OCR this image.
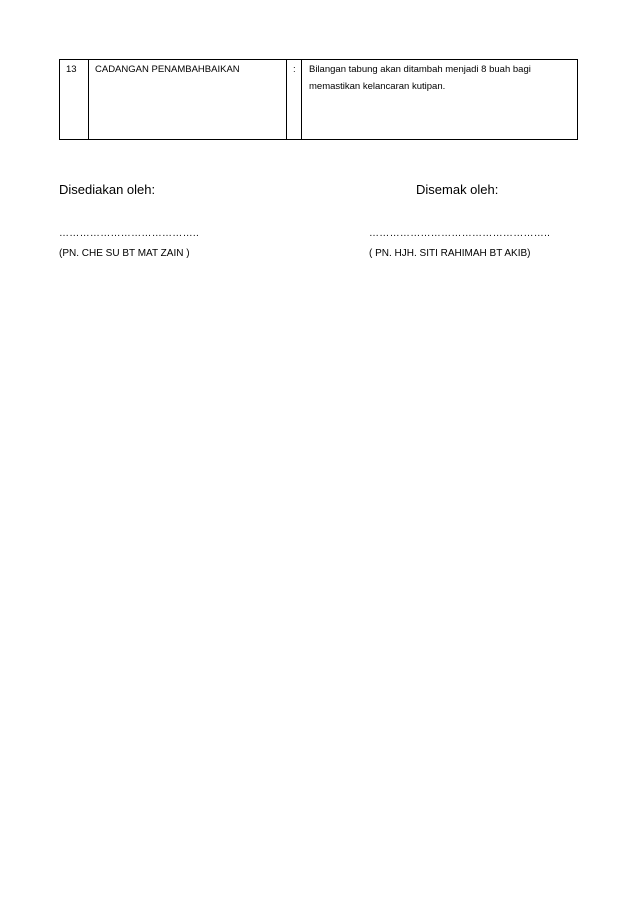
13 CADANGAN PENAMBAHBAIKAN	: Bilangan tabung akan ditambah menjadi 8 buah bagi memastikan kelancaran kutipan.
Disediakan oleh:	Disemak oleh:
…………………………………..	……………………………………………..
(PN. CHE SU BT MAT ZAIN )	( PN. HJH. SITI RAHIMAH BT AKIB)
